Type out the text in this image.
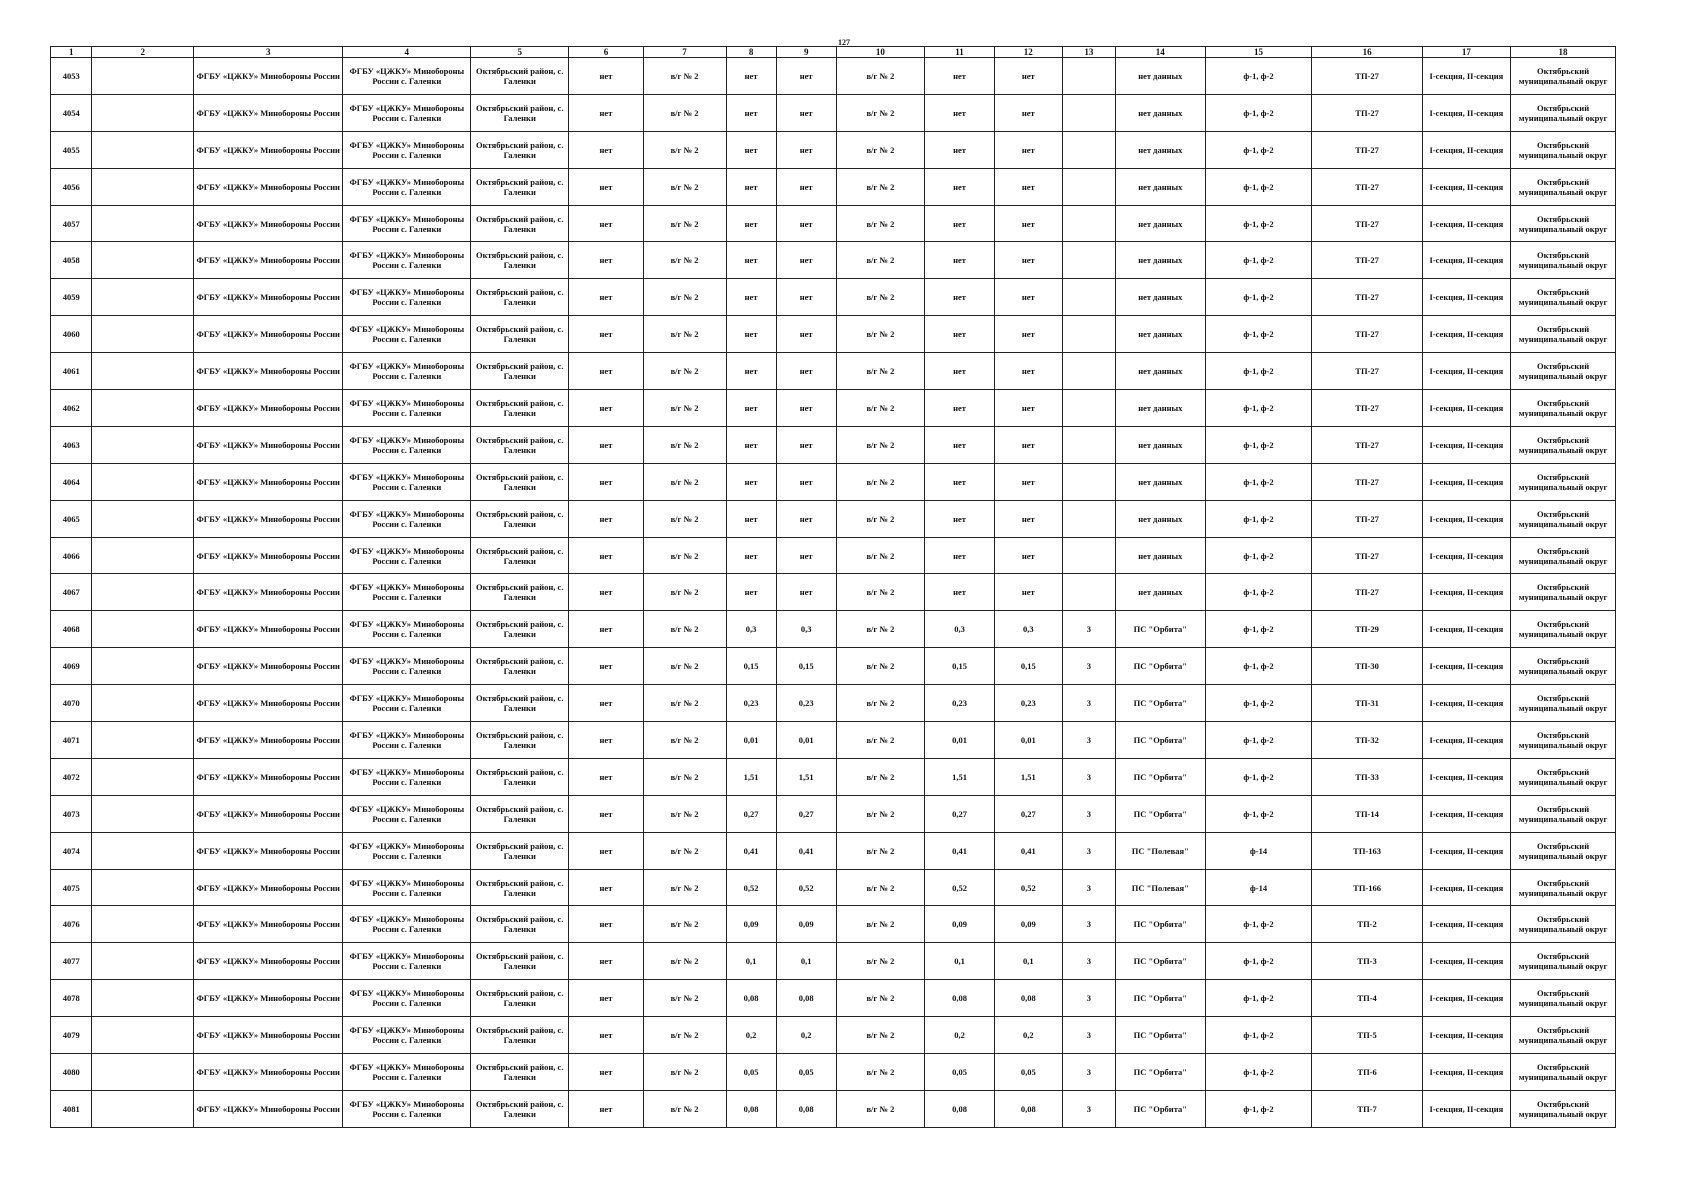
127
1	2	3	4	5	6	7	8	9	10	11	12	13	14	15	16	17	18
4053		ФГБУ «ЦЖКУ» Минобороны России	ФГБУ «ЦЖКУ» Минобороны России с. Галенки	Октябрьский район, с. Галенки	нет	в/г № 2	нет	нет	в/г № 2	нет	нет		нет данных	ф-1, ф-2	ТП-27	I-секция, II-секция	Октябрьский муниципальный округ
4054		ФГБУ «ЦЖКУ» Минобороны России	ФГБУ «ЦЖКУ» Минобороны России с. Галенки	Октябрьский район, с. Галенки	нет	в/г № 2	нет	нет	в/г № 2	нет	нет		нет данных	ф-1, ф-2	ТП-27	I-секция, II-секция	Октябрьский муниципальный округ
4055		ФГБУ «ЦЖКУ» Минобороны России	ФГБУ «ЦЖКУ» Минобороны России с. Галенки	Октябрьский район, с. Галенки	нет	в/г № 2	нет	нет	в/г № 2	нет	нет		нет данных	ф-1, ф-2	ТП-27	I-секция, II-секция	Октябрьский муниципальный округ
4056		ФГБУ «ЦЖКУ» Минобороны России	ФГБУ «ЦЖКУ» Минобороны России с. Галенки	Октябрьский район, с. Галенки	нет	в/г № 2	нет	нет	в/г № 2	нет	нет		нет данных	ф-1, ф-2	ТП-27	I-секция, II-секция	Октябрьский муниципальный округ
4057		ФГБУ «ЦЖКУ» Минобороны России	ФГБУ «ЦЖКУ» Минобороны России с. Галенки	Октябрьский район, с. Галенки	нет	в/г № 2	нет	нет	в/г № 2	нет	нет		нет данных	ф-1, ф-2	ТП-27	I-секция, II-секция	Октябрьский муниципальный округ
4058		ФГБУ «ЦЖКУ» Минобороны России	ФГБУ «ЦЖКУ» Минобороны России с. Галенки	Октябрьский район, с. Галенки	нет	в/г № 2	нет	нет	в/г № 2	нет	нет		нет данных	ф-1, ф-2	ТП-27	I-секция, II-секция	Октябрьский муниципальный округ
4059		ФГБУ «ЦЖКУ» Минобороны России	ФГБУ «ЦЖКУ» Минобороны России с. Галенки	Октябрьский район, с. Галенки	нет	в/г № 2	нет	нет	в/г № 2	нет	нет		нет данных	ф-1, ф-2	ТП-27	I-секция, II-секция	Октябрьский муниципальный округ
4060		ФГБУ «ЦЖКУ» Минобороны России	ФГБУ «ЦЖКУ» Минобороны России с. Галенки	Октябрьский район, с. Галенки	нет	в/г № 2	нет	нет	в/г № 2	нет	нет		нет данных	ф-1, ф-2	ТП-27	I-секция, II-секция	Октябрьский муниципальный округ
4061		ФГБУ «ЦЖКУ» Минобороны России	ФГБУ «ЦЖКУ» Минобороны России с. Галенки	Октябрьский район, с. Галенки	нет	в/г № 2	нет	нет	в/г № 2	нет	нет		нет данных	ф-1, ф-2	ТП-27	I-секция, II-секция	Октябрьский муниципальный округ
4062		ФГБУ «ЦЖКУ» Минобороны России	ФГБУ «ЦЖКУ» Минобороны России с. Галенки	Октябрьский район, с. Галенки	нет	в/г № 2	нет	нет	в/г № 2	нет	нет		нет данных	ф-1, ф-2	ТП-27	I-секция, II-секция	Октябрьский муниципальный округ
4063		ФГБУ «ЦЖКУ» Минобороны России	ФГБУ «ЦЖКУ» Минобороны России с. Галенки	Октябрьский район, с. Галенки	нет	в/г № 2	нет	нет	в/г № 2	нет	нет		нет данных	ф-1, ф-2	ТП-27	I-секция, II-секция	Октябрьский муниципальный округ
4064		ФГБУ «ЦЖКУ» Минобороны России	ФГБУ «ЦЖКУ» Минобороны России с. Галенки	Октябрьский район, с. Галенки	нет	в/г № 2	нет	нет	в/г № 2	нет	нет		нет данных	ф-1, ф-2	ТП-27	I-секция, II-секция	Октябрьский муниципальный округ
4065		ФГБУ «ЦЖКУ» Минобороны России	ФГБУ «ЦЖКУ» Минобороны России с. Галенки	Октябрьский район, с. Галенки	нет	в/г № 2	нет	нет	в/г № 2	нет	нет		нет данных	ф-1, ф-2	ТП-27	I-секция, II-секция	Октябрьский муниципальный округ
4066		ФГБУ «ЦЖКУ» Минобороны России	ФГБУ «ЦЖКУ» Минобороны России с. Галенки	Октябрьский район, с. Галенки	нет	в/г № 2	нет	нет	в/г № 2	нет	нет		нет данных	ф-1, ф-2	ТП-27	I-секция, II-секция	Октябрьский муниципальный округ
4067		ФГБУ «ЦЖКУ» Минобороны России	ФГБУ «ЦЖКУ» Минобороны России с. Галенки	Октябрьский район, с. Галенки	нет	в/г № 2	нет	нет	в/г № 2	нет	нет		нет данных	ф-1, ф-2	ТП-27	I-секция, II-секция	Октябрьский муниципальный округ
4068		ФГБУ «ЦЖКУ» Минобороны России	ФГБУ «ЦЖКУ» Минобороны России с. Галенки	Октябрьский район, с. Галенки	нет	в/г № 2	0,3	0,3	в/г № 2	0,3	0,3	3	ПС "Орбита"	ф-1, ф-2	ТП-29	I-секция, II-секция	Октябрьский муниципальный округ
4069		ФГБУ «ЦЖКУ» Минобороны России	ФГБУ «ЦЖКУ» Минобороны России с. Галенки	Октябрьский район, с. Галенки	нет	в/г № 2	0,15	0,15	в/г № 2	0,15	0,15	3	ПС "Орбита"	ф-1, ф-2	ТП-30	I-секция, II-секция	Октябрьский муниципальный округ
4070		ФГБУ «ЦЖКУ» Минобороны России	ФГБУ «ЦЖКУ» Минобороны России с. Галенки	Октябрьский район, с. Галенки	нет	в/г № 2	0,23	0,23	в/г № 2	0,23	0,23	3	ПС "Орбита"	ф-1, ф-2	ТП-31	I-секция, II-секция	Октябрьский муниципальный округ
4071		ФГБУ «ЦЖКУ» Минобороны России	ФГБУ «ЦЖКУ» Минобороны России с. Галенки	Октябрьский район, с. Галенки	нет	в/г № 2	0,01	0,01	в/г № 2	0,01	0,01	3	ПС "Орбита"	ф-1, ф-2	ТП-32	I-секция, II-секция	Октябрьский муниципальный округ
4072		ФГБУ «ЦЖКУ» Минобороны России	ФГБУ «ЦЖКУ» Минобороны России с. Галенки	Октябрьский район, с. Галенки	нет	в/г № 2	1,51	1,51	в/г № 2	1,51	1,51	3	ПС "Орбита"	ф-1, ф-2	ТП-33	I-секция, II-секция	Октябрьский муниципальный округ
4073		ФГБУ «ЦЖКУ» Минобороны России	ФГБУ «ЦЖКУ» Минобороны России с. Галенки	Октябрьский район, с. Галенки	нет	в/г № 2	0,27	0,27	в/г № 2	0,27	0,27	3	ПС "Орбита"	ф-1, ф-2	ТП-14	I-секция, II-секция	Октябрьский муниципальный округ
4074		ФГБУ «ЦЖКУ» Минобороны России	ФГБУ «ЦЖКУ» Минобороны России с. Галенки	Октябрьский район, с. Галенки	нет	в/г № 2	0,41	0,41	в/г № 2	0,41	0,41	3	ПС "Полевая"	ф-14	ТП-163	I-секция, II-секция	Октябрьский муниципальный округ
4075		ФГБУ «ЦЖКУ» Минобороны России	ФГБУ «ЦЖКУ» Минобороны России с. Галенки	Октябрьский район, с. Галенки	нет	в/г № 2	0,52	0,52	в/г № 2	0,52	0,52	3	ПС "Полевая"	ф-14	ТП-166	I-секция, II-секция	Октябрьский муниципальный округ
4076		ФГБУ «ЦЖКУ» Минобороны России	ФГБУ «ЦЖКУ» Минобороны России с. Галенки	Октябрьский район, с. Галенки	нет	в/г № 2	0,09	0,09	в/г № 2	0,09	0,09	3	ПС "Орбита"	ф-1, ф-2	ТП-2	I-секция, II-секция	Октябрьский муниципальный округ
4077		ФГБУ «ЦЖКУ» Минобороны России	ФГБУ «ЦЖКУ» Минобороны России с. Галенки	Октябрьский район, с. Галенки	нет	в/г № 2	0,1	0,1	в/г № 2	0,1	0,1	3	ПС "Орбита"	ф-1, ф-2	ТП-3	I-секция, II-секция	Октябрьский муниципальный округ
4078		ФГБУ «ЦЖКУ» Минобороны России	ФГБУ «ЦЖКУ» Минобороны России с. Галенки	Октябрьский район, с. Галенки	нет	в/г № 2	0,08	0,08	в/г № 2	0,08	0,08	3	ПС "Орбита"	ф-1, ф-2	ТП-4	I-секция, II-секция	Октябрьский муниципальный округ
4079		ФГБУ «ЦЖКУ» Минобороны России	ФГБУ «ЦЖКУ» Минобороны России с. Галенки	Октябрьский район, с. Галенки	нет	в/г № 2	0,2	0,2	в/г № 2	0,2	0,2	3	ПС "Орбита"	ф-1, ф-2	ТП-5	I-секция, II-секция	Октябрьский муниципальный округ
4080		ФГБУ «ЦЖКУ» Минобороны России	ФГБУ «ЦЖКУ» Минобороны России с. Галенки	Октябрьский район, с. Галенки	нет	в/г № 2	0,05	0,05	в/г № 2	0,05	0,05	3	ПС "Орбита"	ф-1, ф-2	ТП-6	I-секция, II-секция	Октябрьский муниципальный округ
4081		ФГБУ «ЦЖКУ» Минобороны России	ФГБУ «ЦЖКУ» Минобороны России с. Галенки	Октябрьский район, с. Галенки	нет	в/г № 2	0,08	0,08	в/г № 2	0,08	0,08	3	ПС "Орбита"	ф-1, ф-2	ТП-7	I-секция, II-секция	Октябрьский муниципальный округ
